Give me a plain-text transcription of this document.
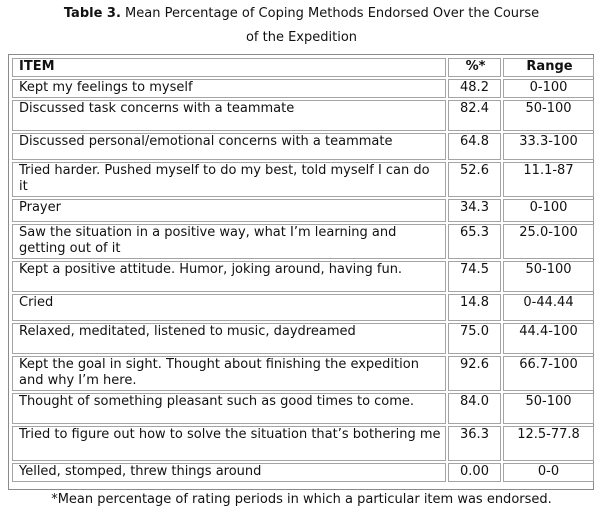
Table 3. Mean Percentage of Coping Methods Endorsed Over the Course
of the Expedition
ITEM	%*	Range
Kept my feelings to myself	48.2	0-100
Discussed task concerns with a teammate	82.4	50-100
Discussed personal/emotional concerns with a teammate	64.8	33.3-100
Tried harder. Pushed myself to do my best, told myself I can do it	52.6	11.1-87
Prayer	34.3	0-100
Saw the situation in a positive way, what I’m learning and getting out of it	65.3	25.0-100
Kept a positive attitude. Humor, joking around, having fun.	74.5	50-100
Cried	14.8	0-44.44
Relaxed, meditated, listened to music, daydreamed	75.0	44.4-100
Kept the goal in sight. Thought about finishing the expedition and why I’m here.	92.6	66.7-100
Thought of something pleasant such as good times to come.	84.0	50-100
Tried to figure out how to solve the situation that’s bothering me	36.3	12.5-77.8
Yelled, stomped, threw things around	0.00	0-0
*Mean percentage of rating periods in which a particular item was endorsed.
